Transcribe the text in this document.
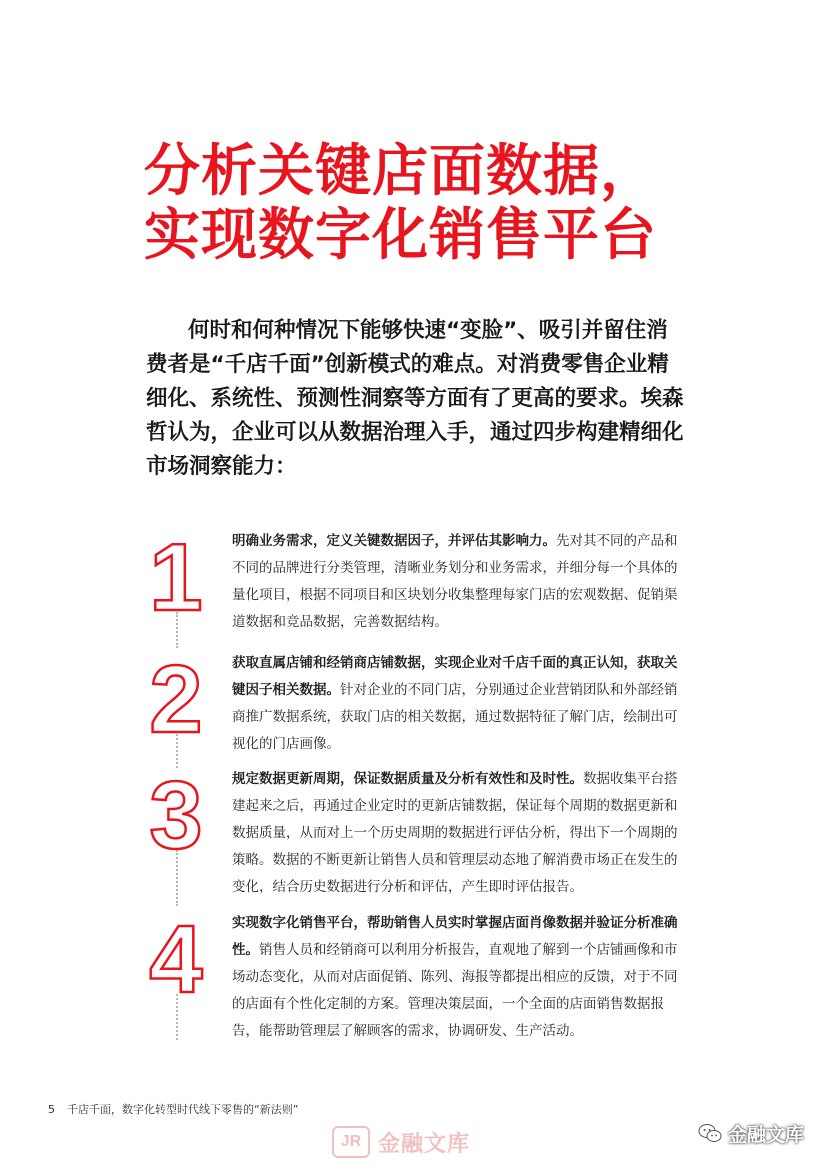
分析关键店面数据，
实现数字化销售平台

何时和何种情况下能够快速“变脸”、吸引并留住消费者是“千店千面”创新模式的难点。对消费零售企业精细化、系统性、预测性洞察等方面有了更高的要求。埃森哲认为，企业可以从数据治理入手，通过四步构建精细化市场洞察能力：

1 明确业务需求，定义关键数据因子，并评估其影响力。先对其不同的产品和不同的品牌进行分类管理，清晰业务划分和业务需求，并细分每一个具体的量化项目，根据不同项目和区块划分收集整理每家门店的宏观数据、促销渠道数据和竞品数据，完善数据结构。
2 获取直属店铺和经销商店铺数据，实现企业对千店千面的真正认知，获取关键因子相关数据。针对企业的不同门店，分别通过企业营销团队和外部经销商推广数据系统，获取门店的相关数据，通过数据特征了解门店，绘制出可视化的门店画像。
3 规定数据更新周期，保证数据质量及分析有效性和及时性。数据收集平台搭建起来之后，再通过企业定时的更新店铺数据，保证每个周期的数据更新和数据质量，从而对上一个历史周期的数据进行评估分析，得出下一个周期的策略。数据的不断更新让销售人员和管理层动态地了解消费市场正在发生的变化，结合历史数据进行分析和评估，产生即时评估报告。
4 实现数字化销售平台，帮助销售人员实时掌握店面肖像数据并验证分析准确性。销售人员和经销商可以利用分析报告，直观地了解到一个店铺画像和市场动态变化，从而对店面促销、陈列、海报等都提出相应的反馈，对于不同的店面有个性化定制的方案。管理决策层面，一个全面的店面销售数据报告，能帮助管理层了解顾客的需求，协调研发、生产活动。
5 千店千面，数字化转型时代线下零售的“新法则”
JR 金融文库	金融文库
